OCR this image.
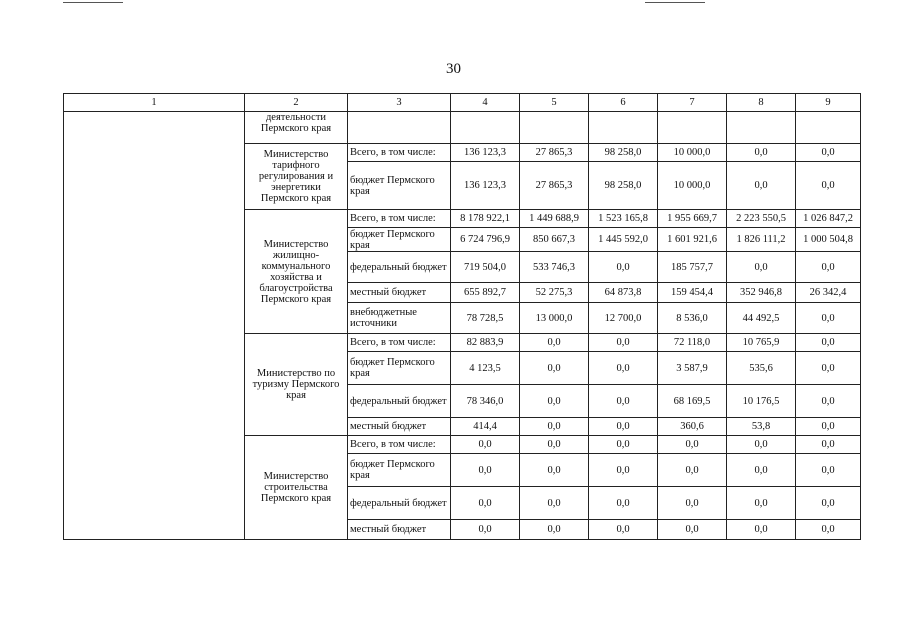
30
1	2	3	4	5	6	7	8	9
	деятельности Пермского края							
	Министерство тарифного регулирования и энергетики Пермского края	Всего, в том числе:	136 123,3	27 865,3	98 258,0	10 000,0	0,0	0,0
		бюджет Пермского края	136 123,3	27 865,3	98 258,0	10 000,0	0,0	0,0
	Министерство жилищно-коммунального хозяйства и благоустройства Пермского края	Всего, в том числе:	8 178 922,1	1 449 688,9	1 523 165,8	1 955 669,7	2 223 550,5	1 026 847,2
		бюджет Пермского края	6 724 796,9	850 667,3	1 445 592,0	1 601 921,6	1 826 111,2	1 000 504,8
		федеральный бюджет	719 504,0	533 746,3	0,0	185 757,7	0,0	0,0
		местный бюджет	655 892,7	52 275,3	64 873,8	159 454,4	352 946,8	26 342,4
		внебюджетные источники	78 728,5	13 000,0	12 700,0	8 536,0	44 492,5	0,0
	Министерство по туризму Пермского края	Всего, в том числе:	82 883,9	0,0	0,0	72 118,0	10 765,9	0,0
		бюджет Пермского края	4 123,5	0,0	0,0	3 587,9	535,6	0,0
		федеральный бюджет	78 346,0	0,0	0,0	68 169,5	10 176,5	0,0
		местный бюджет	414,4	0,0	0,0	360,6	53,8	0,0
	Министерство строительства Пермского края	Всего, в том числе:	0,0	0,0	0,0	0,0	0,0	0,0
		бюджет Пермского края	0,0	0,0	0,0	0,0	0,0	0,0
		федеральный бюджет	0,0	0,0	0,0	0,0	0,0	0,0
		местный бюджет	0,0	0,0	0,0	0,0	0,0	0,0
